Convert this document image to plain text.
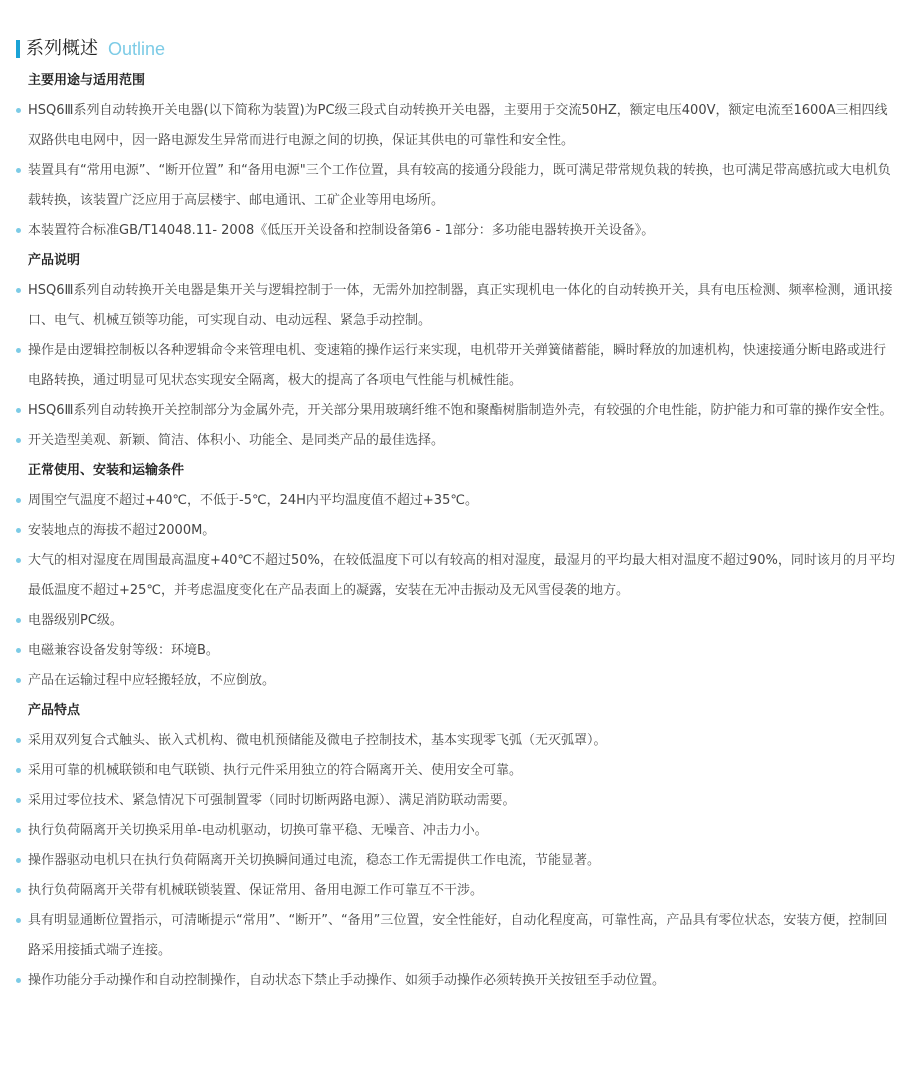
系列概述 Outline
主要用途与适用范围
HSQ6Ⅲ系列自动转换开关电器(以下简称为装置)为PC级三段式自动转换开关电器，主要用于交流50HZ，额定电压400V，额定电流至1600A三相四线双路供电电网中，因一路电源发生异常而进行电源之间的切换，保证其供电的可靠性和安全性。
装置具有“常用电源”、“断开位置” 和“备用电源"三个工作位置，具有较高的接通分段能力，既可满足带常规负栽的转换，也可满足带高感抗或大电机负载转换，该装置广泛应用于高层楼宇、邮电通讯、工矿企业等用电场所。
本装置符合标准GB/T14048.11- 2008《低压开关设备和控制设备第6 - 1部分：多功能电器转换开关设备》。
产品说明
HSQ6Ⅲ系列自动转换开关电器是集开关与逻辑控制于一体，无需外加控制器，真正实现机电一体化的自动转换开关，具有电压检测、频率检测，通讯接口、电气、机械互锁等功能，可实现自动、电动远程、紧急手动控制。
操作是由逻辑控制板以各种逻辑命令来管理电机、变速箱的操作运行来实现，电机带开关弹簧储蓄能，瞬时释放的加速机构，快速接通分断电路或进行电路转换，通过明显可见状态实现安全隔离，极大的提高了各项电气性能与机械性能。
HSQ6Ⅲ系列自动转换开关控制部分为金属外壳，开关部分果用玻璃纤维不饱和聚酯树脂制造外壳，有较强的介电性能，防护能力和可靠的操作安全性。
开关造型美观、新颖、简洁、体积小、功能全、是同类产品的最佳选择。
正常使用、安装和运输条件
周围空气温度不超过+40℃，不低于-5℃，24H内平均温度值不超过+35℃。
安装地点的海拔不超过2000M。
大气的相对湿度在周围最高温度+40℃不超过50%，在较低温度下可以有较高的相对湿度，最湿月的平均最大相对温度不超过90%，同时该月的月平均最低温度不超过+25℃，并考虑温度变化在产品表面上的凝露，安装在无冲击振动及无风雪侵袭的地方。
电器级别PC级。
电磁兼容设备发射等级：环境B。
产品在运输过程中应轻搬轻放，不应倒放。
产品特点
采用双列复合式触头、嵌入式机构、微电机预储能及微电子控制技术，基本实现零飞弧（无灭弧罩）。
采用可靠的机械联锁和电气联锁、执行元件采用独立的符合隔离开关、使用安全可靠。
采用过零位技术、紧急情况下可强制置零（同时切断两路电源）、满足消防联动需要。
执行负荷隔离开关切换采用单-电动机驱动，切换可靠平稳、无噪音、冲击力小。
操作器驱动电机只在执行负荷隔离开关切换瞬间通过电流，稳态工作无需提供工作电流，节能显著。
执行负荷隔离开关带有机械联锁装置、保证常用、备用电源工作可靠互不干涉。
具有明显通断位置指示，可清晰提示“常用”、“断开”、“备用”三位置，安全性能好，自动化程度高，可靠性高，产品具有零位状态，安装方便，控制回路采用接插式端子连接。
操作功能分手动操作和自动控制操作，自动状态下禁止手动操作、如须手动操作必须转换开关按钮至手动位置。
